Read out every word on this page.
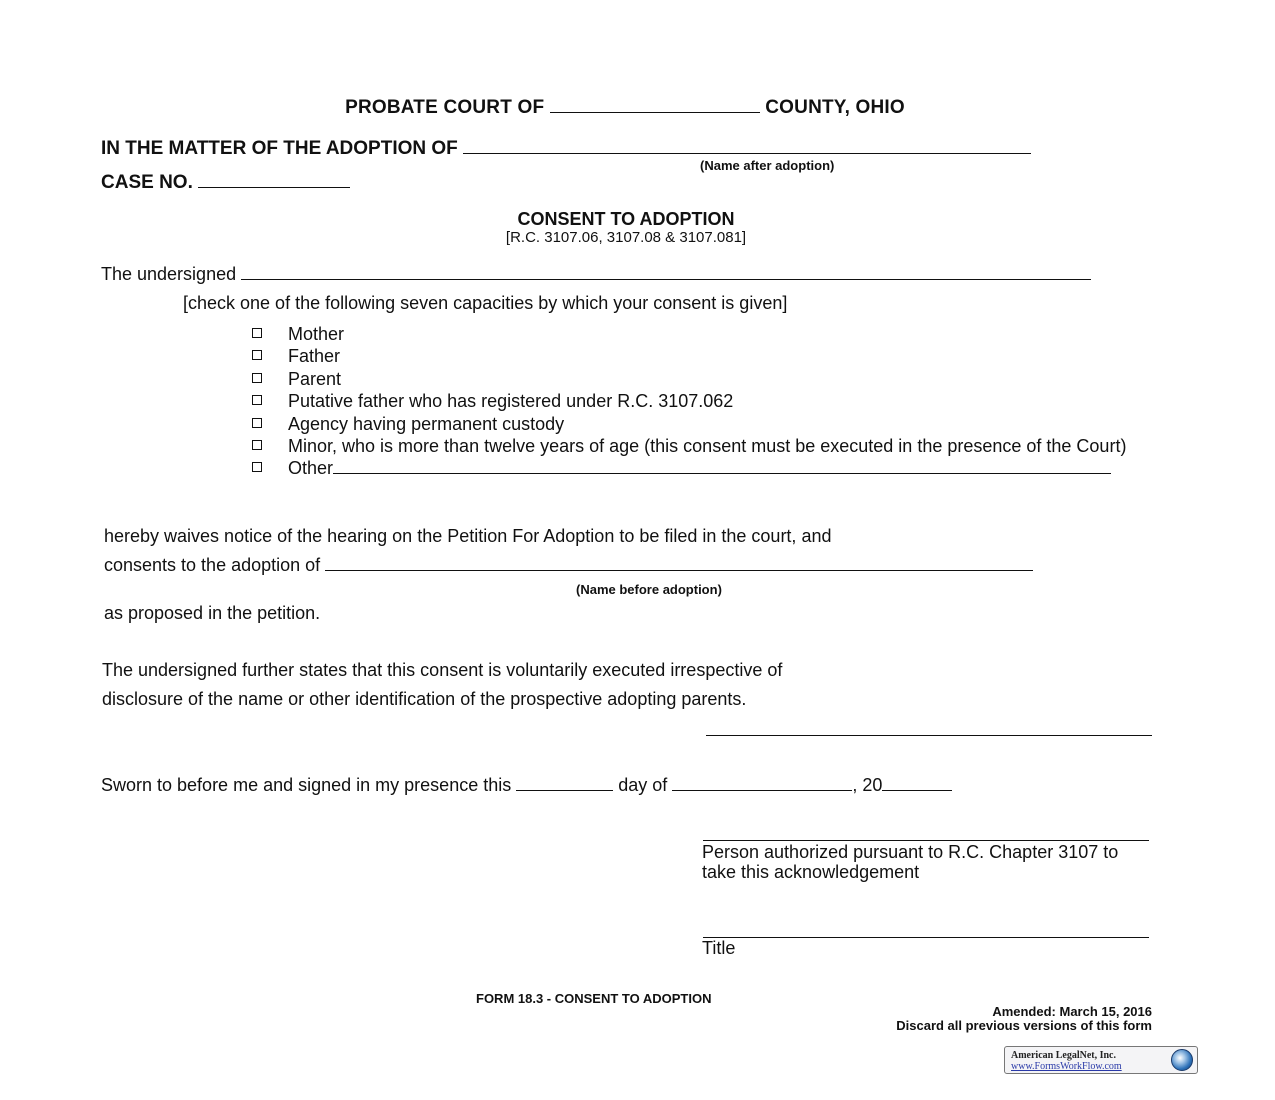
PROBATE COURT OF	COUNTY, OHIO
IN THE MATTER OF THE ADOPTION OF
(Name after adoption)
CASE NO.
CONSENT TO ADOPTION
[R.C. 3107.06, 3107.08 & 3107.081]
The undersigned
[check one of the following seven capacities by which your consent is given]
Mother
Father
Parent
Putative father who has registered under R.C. 3107.062
Agency having permanent custody
Minor, who is more than twelve years of age (this consent must be executed in the presence of the Court)
Other
hereby waives notice of the hearing on the Petition For Adoption to be filed in the court, and
consents to the adoption of
(Name before adoption)
as proposed in the petition.
The undersigned further states that this consent is voluntarily executed irrespective of
disclosure of the name or other identification of the prospective adopting parents.
Sworn to before me and signed in my presence this	day of	, 20
Person authorized pursuant to R.C. Chapter 3107 to take this acknowledgement
Title
FORM 18.3 - CONSENT TO ADOPTION
Amended: March 15, 2016
Discard all previous versions of this form
American LegalNet, Inc.
www.FormsWorkFlow.com
